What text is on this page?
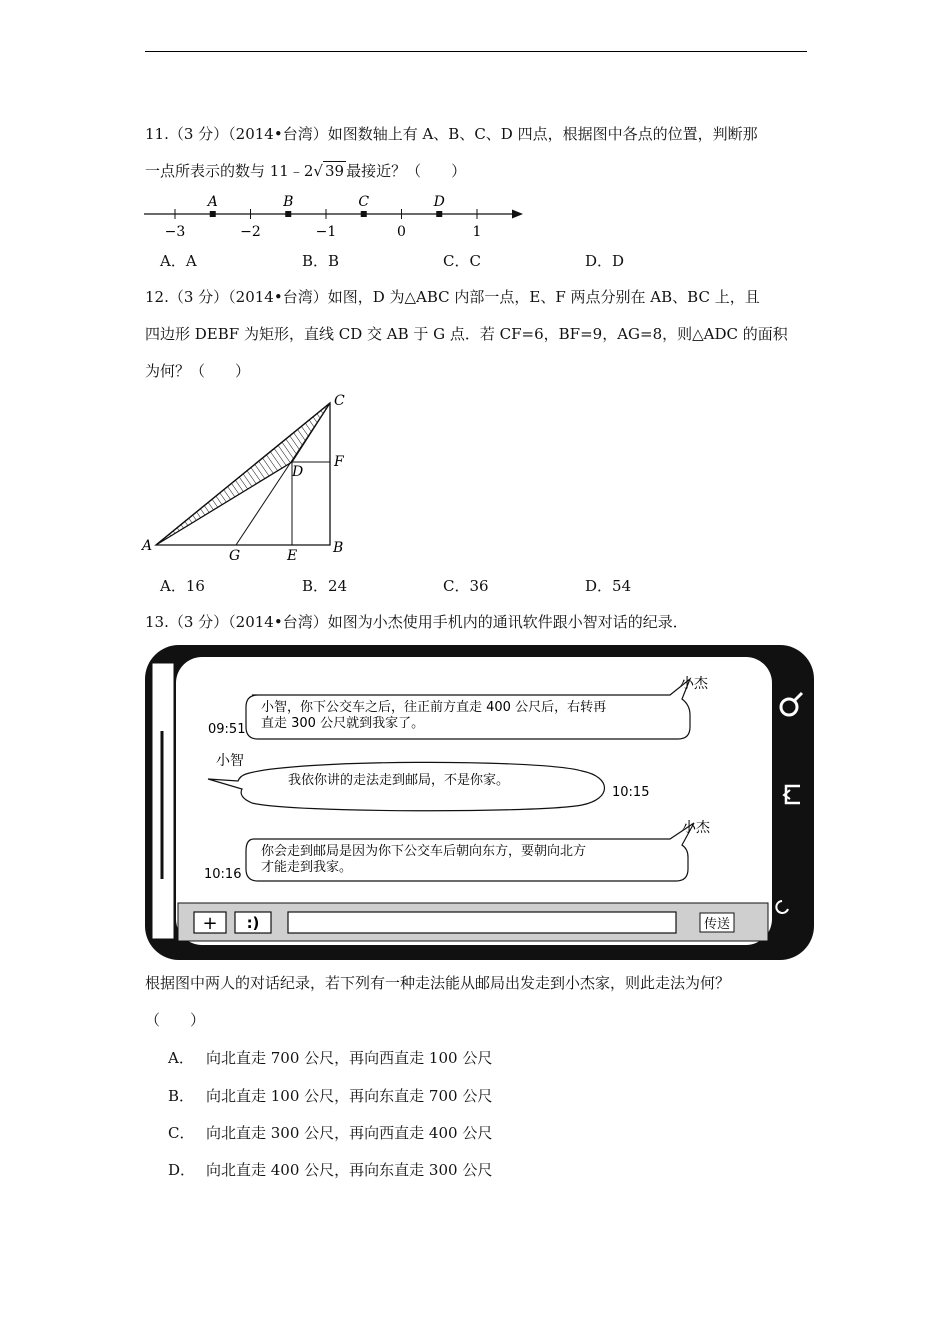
11.（3 分）（2014•台湾）如图数轴上有 A、B、C、D 四点，根据图中各点的位置，判断那
一点所表示的数与 11﹣2√ 39 最接近？（　　）
−3	−2	−1	0	1
A	B	C	D
A．A	B．B	C．C	D．D
12.（3 分）（2014•台湾）如图，D 为△ABC 内部一点，E、F 两点分别在 AB、BC 上，且
四边形 DEBF 为矩形，直线 CD 交 AB 于 G 点．若 CF=6，BF=9，AG=8，则△ADC 的面积
为何？（　　）
A	B
C
D
E
F
G
A．16	B．24	C．36	D．54
13.（3 分）（2014•台湾）如图为小杰使用手机内的通讯软件跟小智对话的纪录．
小杰
小智，你下公交车之后，往正前方直走 400 公尺后，右转再
直走 300 公尺就到我家了。
09:51
小智
我依你讲的走法走到邮局，不是你家。
10:15
小杰
你会走到邮局是因为你下公交车后朝向东方，要朝向北方
才能走到我家。
10:16
+ :)	传送
根据图中两人的对话纪录，若下列有一种走法能从邮局出发走到小杰家，则此走法为何？
（　　）
A． 向北直走 700 公尺，再向西直走 100 公尺
B． 向北直走 100 公尺，再向东直走 700 公尺
C． 向北直走 300 公尺，再向西直走 400 公尺
D． 向北直走 400 公尺，再向东直走 300 公尺
